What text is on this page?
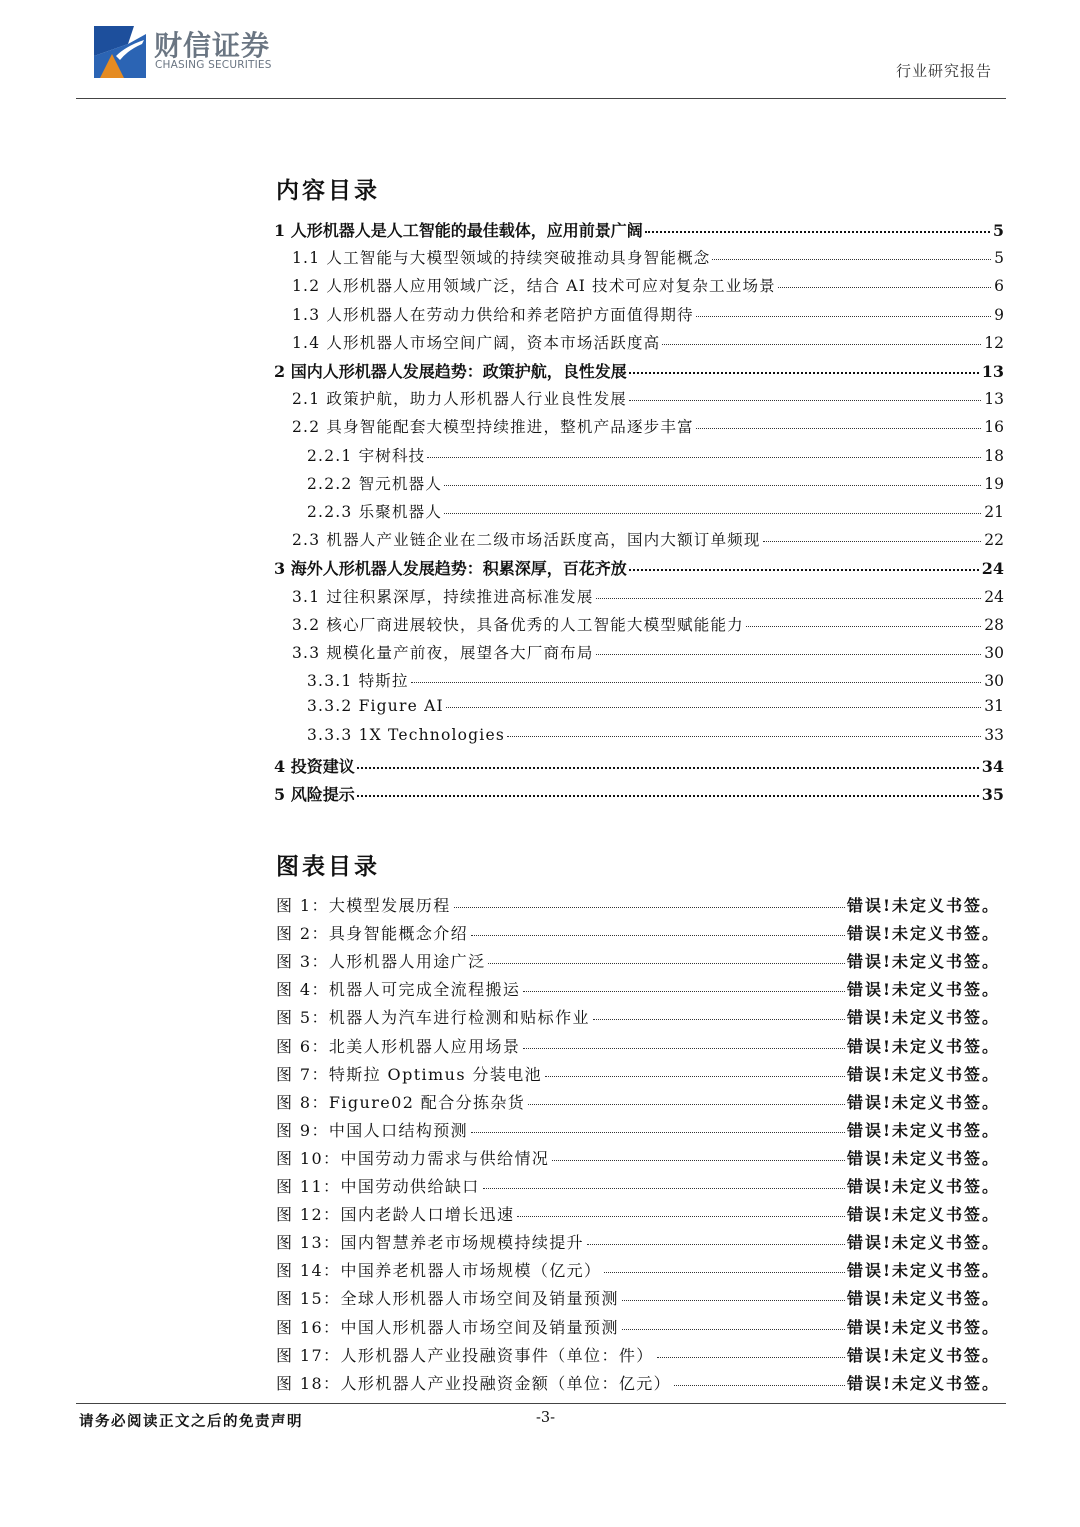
财信证券
CHASING SECURITIES	行业研究报告
内容目录
1 人形机器人是人工智能的最佳载体，应用前景广阔	5
1.1 人工智能与大模型领域的持续突破推动具身智能概念	5
1.2 人形机器人应用领域广泛，结合 AI 技术可应对复杂工业场景	6
1.3 人形机器人在劳动力供给和养老陪护方面值得期待	9
1.4 人形机器人市场空间广阔，资本市场活跃度高	12
2 国内人形机器人发展趋势：政策护航，良性发展	13
2.1 政策护航，助力人形机器人行业良性发展	13
2.2 具身智能配套大模型持续推进，整机产品逐步丰富	16
2.2.1 宇树科技	18
2.2.2 智元机器人	19
2.2.3 乐聚机器人	21
2.3 机器人产业链企业在二级市场活跃度高，国内大额订单频现	22
3 海外人形机器人发展趋势：积累深厚，百花齐放	24
3.1 过往积累深厚，持续推进高标准发展	24
3.2 核心厂商进展较快，具备优秀的人工智能大模型赋能能力	28
3.3 规模化量产前夜，展望各大厂商布局	30
3.3.1 特斯拉	30
3.3.2 Figure AI	31
3.3.3 1X Technologies	33
4 投资建议	34
5 风险提示	35
图表目录
图 1：大模型发展历程	错误!未定义书签。
图 2：具身智能概念介绍	错误!未定义书签。
图 3：人形机器人用途广泛	错误!未定义书签。
图 4：机器人可完成全流程搬运	错误!未定义书签。
图 5：机器人为汽车进行检测和贴标作业	错误!未定义书签。
图 6：北美人形机器人应用场景	错误!未定义书签。
图 7：特斯拉 Optimus 分装电池	错误!未定义书签。
图 8：Figure02 配合分拣杂货	错误!未定义书签。
图 9：中国人口结构预测	错误!未定义书签。
图 10：中国劳动力需求与供给情况	错误!未定义书签。
图 11：中国劳动供给缺口	错误!未定义书签。
图 12：国内老龄人口增长迅速	错误!未定义书签。
图 13：国内智慧养老市场规模持续提升	错误!未定义书签。
图 14：中国养老机器人市场规模（亿元）	错误!未定义书签。
图 15：全球人形机器人市场空间及销量预测	错误!未定义书签。
图 16：中国人形机器人市场空间及销量预测	错误!未定义书签。
图 17：人形机器人产业投融资事件（单位：件）	错误!未定义书签。
图 18：人形机器人产业投融资金额（单位：亿元）	错误!未定义书签。
请务必阅读正文之后的免责声明	-3-
